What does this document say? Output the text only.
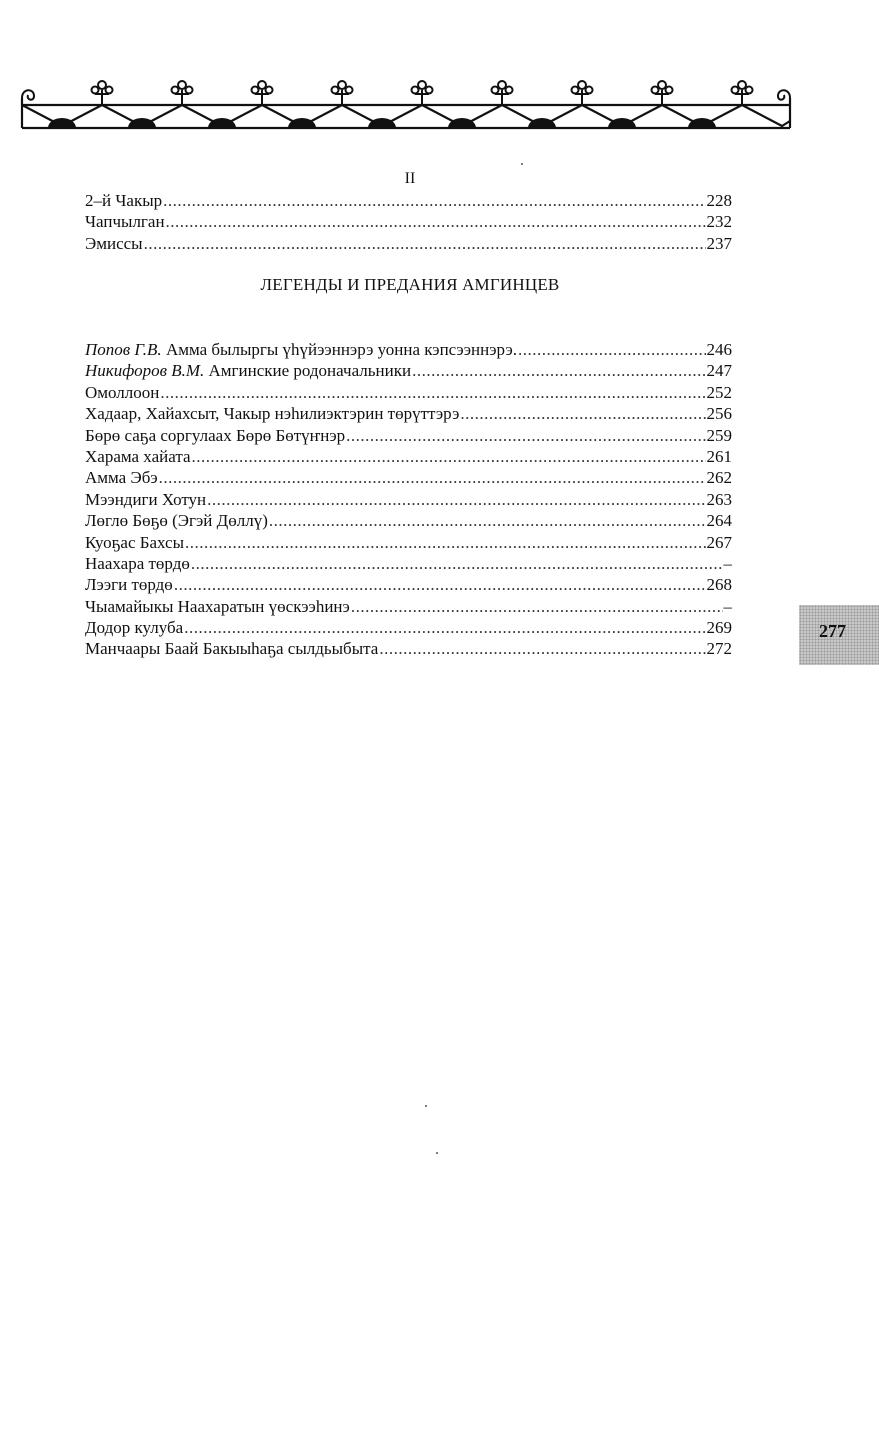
II
2–й Чакыр .....	228
Чапчылган .....	232
Эмиссы .....	237
ЛЕГЕНДЫ И ПРЕДАНИЯ АМГИНЦЕВ
Попов Г.В. Амма былыргы үһүйээннэрэ уонна кэпсээннэрэ. .....	246
Никифоров В.М. Амгинские родоначальники .....	247
Омоллоон .....	252
Хадаар, Хайахсыт, Чакыр нэһилиэктэрин төрүттэрэ .....	256
Бөрө саҕа соргулаах Бөрө Бөтүҥнэр .....	259
Харама хайата .....	261
Амма Эбэ .....	262
Мээндиги Хотун .....	263
Лөглө Бөҕө (Эгэй Дөллү) .....	264
Куоҕас Бахсы .....	267
Наахара төрдө .....	–
Лээги төрдө .....	268
Чыамайыкы Наахаратын үөскээһинэ .....	–
Додор кулуба .....	269
Манчаары Баай Бакыыһаҕа сылдьыбыта .....	272
277
